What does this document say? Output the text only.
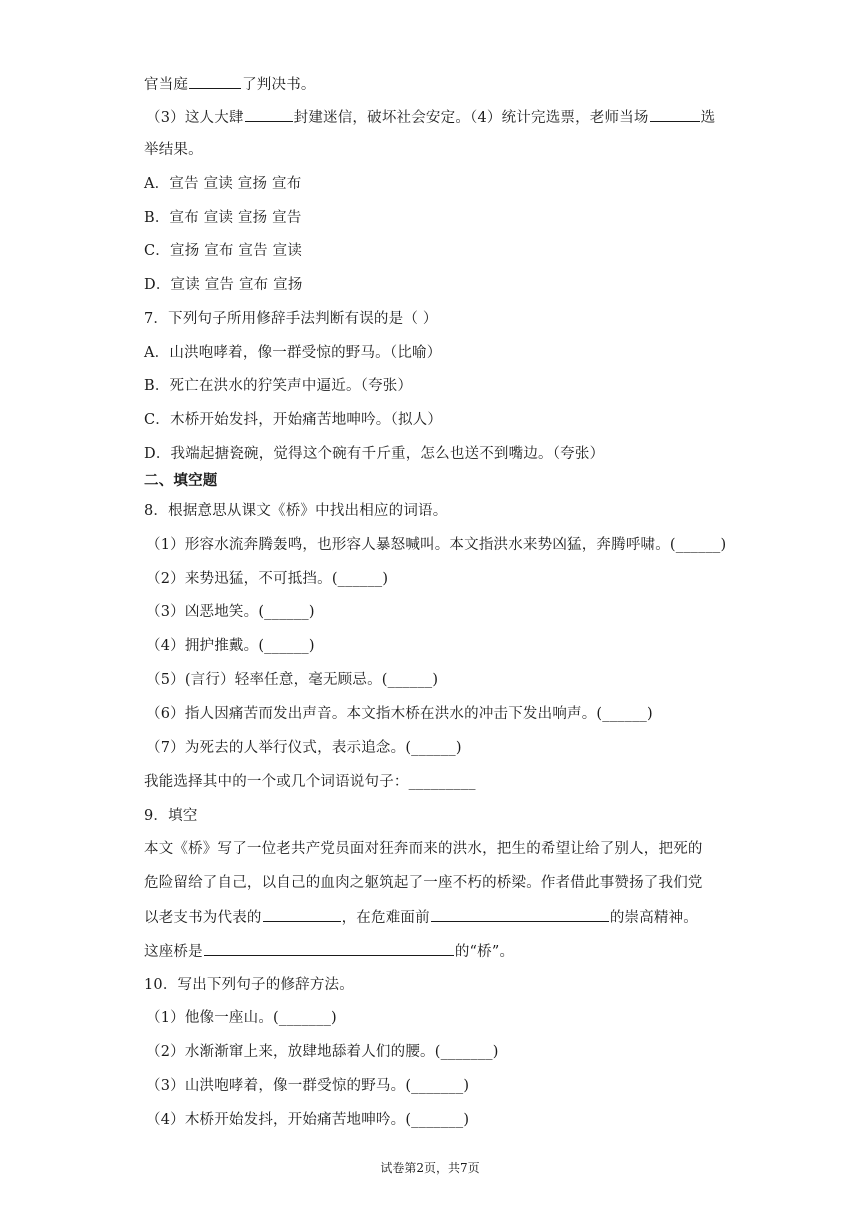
官当庭	了判决书。
（3）这人大肆	封建迷信，破坏社会安定。（4）统计完选票，老师当场	选
举结果。
A．宣告 宣读 宣扬 宣布
B．宣布 宣读 宣扬 宣告
C．宣扬 宣布 宣告 宣读
D．宣读 宣告 宣布 宣扬
7．下列句子所用修辞手法判断有误的是（ ）
A．山洪咆哮着，像一群受惊的野马。（比喻）
B．死亡在洪水的狞笑声中逼近。（夸张）
C．木桥开始发抖，开始痛苦地呻吟。（拟人）
D．我端起搪瓷碗，觉得这个碗有千斤重，怎么也送不到嘴边。（夸张）
二、填空题
8．根据意思从课文《桥》中找出相应的词语。
（1）形容水流奔腾轰鸣，也形容人暴怒喊叫。本文指洪水来势凶猛，奔腾呼啸。(______)
（2）来势迅猛，不可抵挡。(______)
（3）凶恶地笑。(______)
（4）拥护推戴。(______)
（5）(言行）轻率任意，毫无顾忌。(______)
（6）指人因痛苦而发出声音。本文指木桥在洪水的冲击下发出响声。(______)
（7）为死去的人举行仪式，表示追念。(______)
我能选择其中的一个或几个词语说句子：_________
9．填空
本文《桥》写了一位老共产党员面对狂奔而来的洪水，把生的希望让给了别人，把死的
危险留给了自己，以自己的血肉之躯筑起了一座不朽的桥梁。作者借此事赞扬了我们党
以老支书为代表的	，在危难面前	的崇高精神。
这座桥是	的“桥”。
10．写出下列句子的修辞方法。
（1）他像一座山。(_______)
（2）水渐渐窜上来，放肆地舔着人们的腰。(_______)
（3）山洪咆哮着，像一群受惊的野马。(_______)
（4）木桥开始发抖，开始痛苦地呻吟。(_______)
试卷第2页，共7页
